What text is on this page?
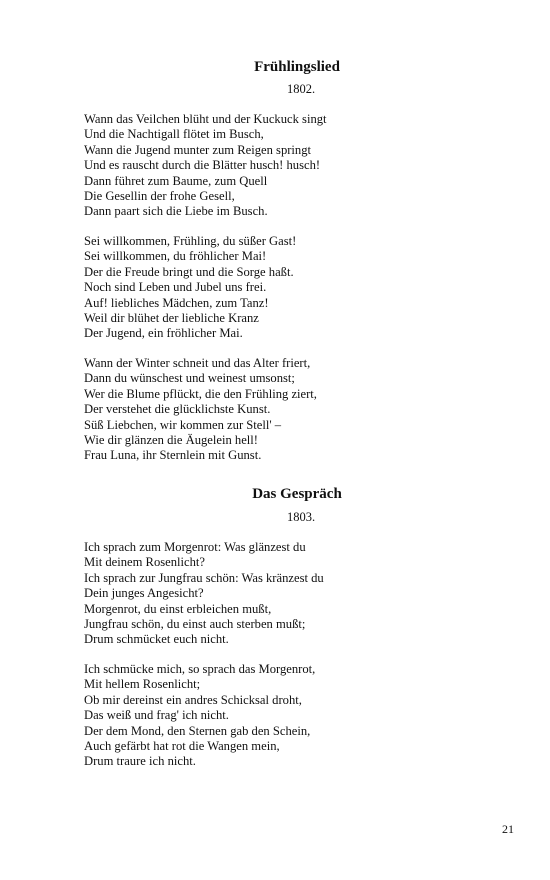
Frühlingslied
1802.
Wann das Veilchen blüht und der Kuckuck singt
Und die Nachtigall flötet im Busch,
Wann die Jugend munter zum Reigen springt
Und es rauscht durch die Blätter husch! husch!
Dann führet zum Baume, zum Quell
Die Gesellin der frohe Gesell,
Dann paart sich die Liebe im Busch.
Sei willkommen, Frühling, du süßer Gast!
Sei willkommen, du fröhlicher Mai!
Der die Freude bringt und die Sorge haßt.
Noch sind Leben und Jubel uns frei.
Auf! liebliches Mädchen, zum Tanz!
Weil dir blühet der liebliche Kranz
Der Jugend, ein fröhlicher Mai.
Wann der Winter schneit und das Alter friert,
Dann du wünschest und weinest umsonst;
Wer die Blume pflückt, die den Frühling ziert,
Der verstehet die glücklichste Kunst.
Süß Liebchen, wir kommen zur Stell' –
Wie dir glänzen die Äugelein hell!
Frau Luna, ihr Sternlein mit Gunst.
Das Gespräch
1803.
Ich sprach zum Morgenrot: Was glänzest du
Mit deinem Rosenlicht?
Ich sprach zur Jungfrau schön: Was kränzest du
Dein junges Angesicht?
Morgenrot, du einst erbleichen mußt,
Jungfrau schön, du einst auch sterben mußt;
Drum schmücket euch nicht.
Ich schmücke mich, so sprach das Morgenrot,
Mit hellem Rosenlicht;
Ob mir dereinst ein andres Schicksal droht,
Das weiß und frag' ich nicht.
Der dem Mond, den Sternen gab den Schein,
Auch gefärbt hat rot die Wangen mein,
Drum traure ich nicht.
21
